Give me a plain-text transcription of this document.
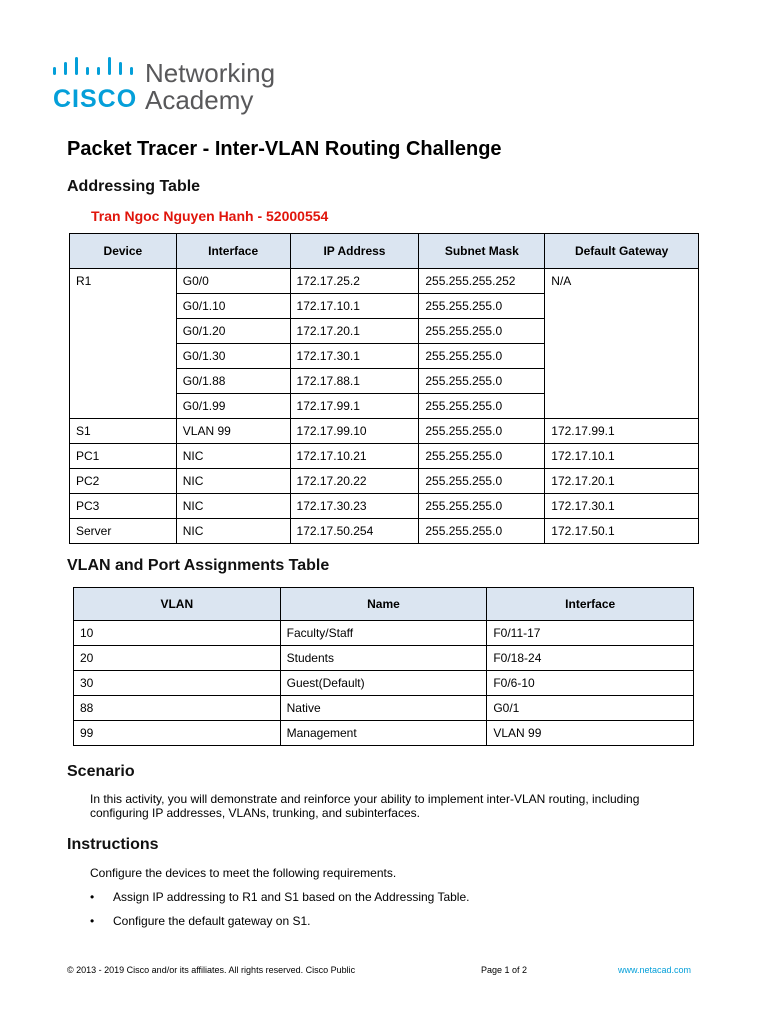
CISCO
Networking
Academy
Packet Tracer - Inter-VLAN Routing Challenge
Addressing Table
Tran Ngoc Nguyen Hanh - 52000554
Device	Interface	IP Address	Subnet Mask	Default Gateway
R1	G0/0	172.17.25.2	255.255.255.252	N/A
	G0/1.10	172.17.10.1	255.255.255.0	
	G0/1.20	172.17.20.1	255.255.255.0	
	G0/1.30	172.17.30.1	255.255.255.0	
	G0/1.88	172.17.88.1	255.255.255.0	
	G0/1.99	172.17.99.1	255.255.255.0	
S1	VLAN 99	172.17.99.10	255.255.255.0	172.17.99.1
PC1	NIC	172.17.10.21	255.255.255.0	172.17.10.1
PC2	NIC	172.17.20.22	255.255.255.0	172.17.20.1
PC3	NIC	172.17.30.23	255.255.255.0	172.17.30.1
Server	NIC	172.17.50.254	255.255.255.0	172.17.50.1
VLAN and Port Assignments Table
VLAN	Name	Interface
10	Faculty/Staff	F0/11-17
20	Students	F0/18-24
30	Guest(Default)	F0/6-10
88	Native	G0/1
99	Management	VLAN 99
Scenario
In this activity, you will demonstrate and reinforce your ability to implement inter-VLAN routing, including configuring IP addresses, VLANs, trunking, and subinterfaces.
Instructions
Configure the devices to meet the following requirements.
• Assign IP addressing to R1 and S1 based on the Addressing Table.
• Configure the default gateway on S1.
© 2013 - 2019 Cisco and/or its affiliates. All rights reserved. Cisco Public	Page 1 of 2	www.netacad.com
